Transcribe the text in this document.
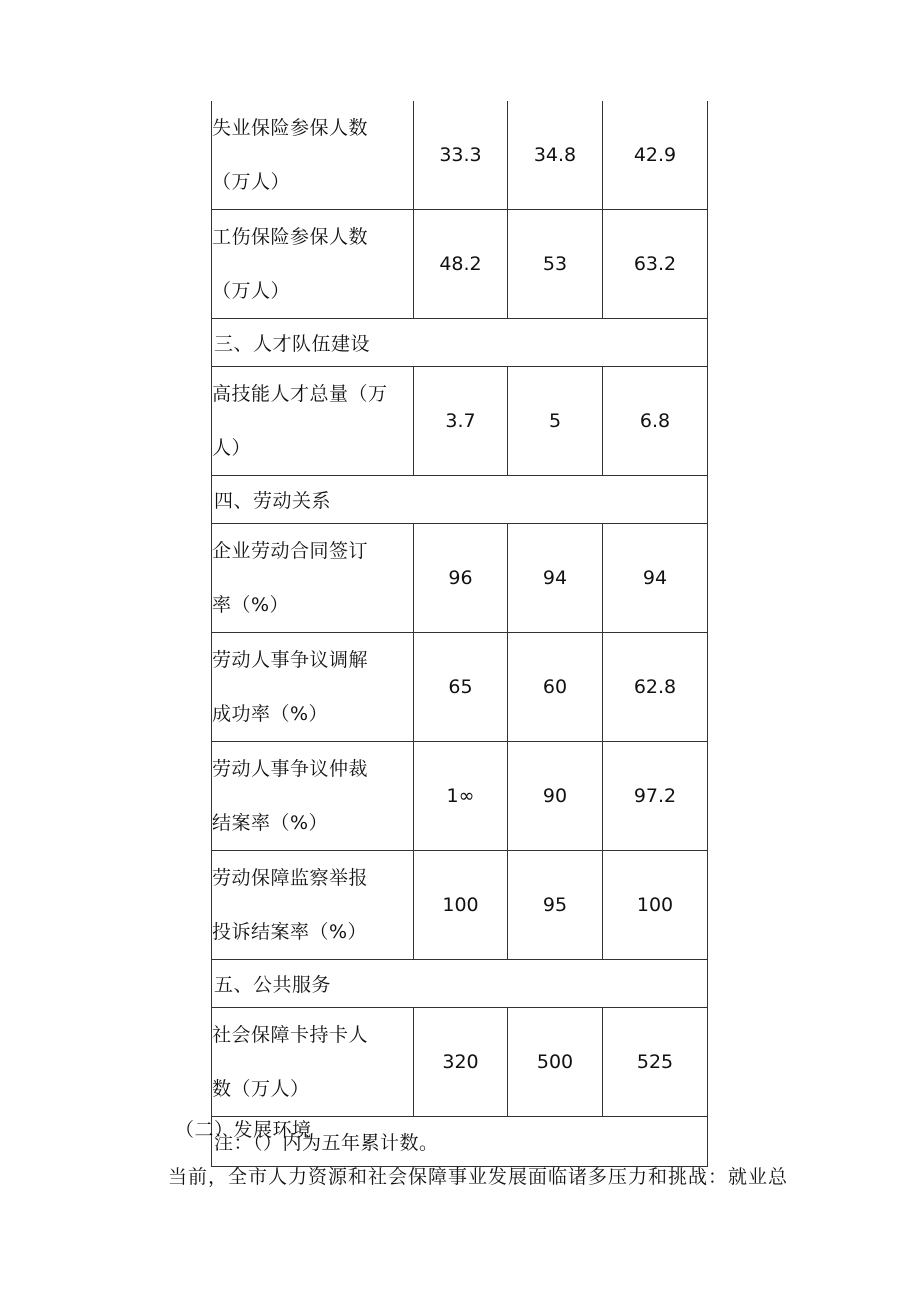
失业保险参保人数
（万人）	33.3	34.8	42.9

工伤保险参保人数
（万人）	48.2	53	63.2
三、人才队伍建设			

高技能人才总量（万
人）	3.7	5	6.8
四、劳动关系			

企业劳动合同签订
率（%）	96	94	94

劳动人事争议调解
成功率（%）	65	60	62.8

劳动人事争议仲裁
结案率（%）	1∞	90	97.2

劳动保障监察举报
投诉结案率（%）	100	95	100
五、公共服务			

社会保障卡持卡人
数（万人）	320	500	525
注：（）内为五年累计数。			

（二）发展环境

当前，全市人力资源和社会保障事业发展面临诸多压力和挑战：就业总
